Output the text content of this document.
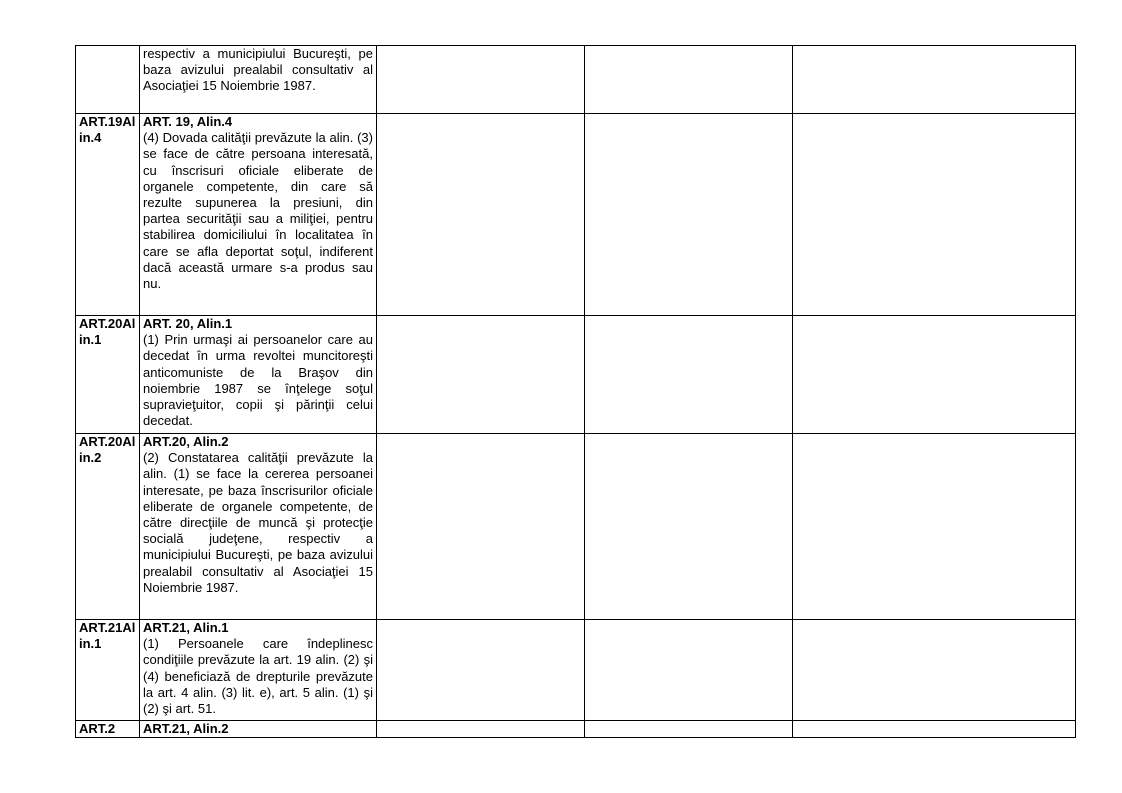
	respectiv a municipiului Bucureşti, pe baza avizului prealabil consultativ al Asociaţiei 15 Noiembrie 1987.			

ART.19Alin.4	ART. 19, Alin.4
(4) Dovada calităţii prevăzute la alin. (3) se face de către persoana interesată, cu înscrisuri oficiale eliberate de organele competente, din care să rezulte supunerea la presiuni, din partea securităţii sau a miliţiei, pentru stabilirea domiciliului în localitatea în care se afla deportat soţul, indiferent dacă această urmare s-a produs sau nu.			

ART.20Alin.1	ART. 20, Alin.1
(1) Prin urmaşi ai persoanelor care au decedat în urma revoltei muncitoreşti anticomuniste de la Braşov din noiembrie 1987 se înţelege soţul supravieţuitor, copii şi părinţii celui decedat.			

ART.20Alin.2	ART.20, Alin.2
(2) Constatarea calităţii prevăzute la alin. (1) se face la cererea persoanei interesate, pe baza înscrisurilor oficiale eliberate de organele competente, de către direcţiile de muncă şi protecţie socială judeţene, respectiv a municipiului Bucureşti, pe baza avizului prealabil consultativ al Asociaţiei 15 Noiembrie 1987.			

ART.21Alin.1	ART.21, Alin.1
(1) Persoanele care îndeplinesc condiţiile prevăzute la art. 19 alin. (2) şi (4) beneficiază de drepturile prevăzute la art. 4 alin. (3) lit. e), art. 5 alin. (1) şi (2) şi art. 51.			

ART.2	ART.21, Alin.2			
